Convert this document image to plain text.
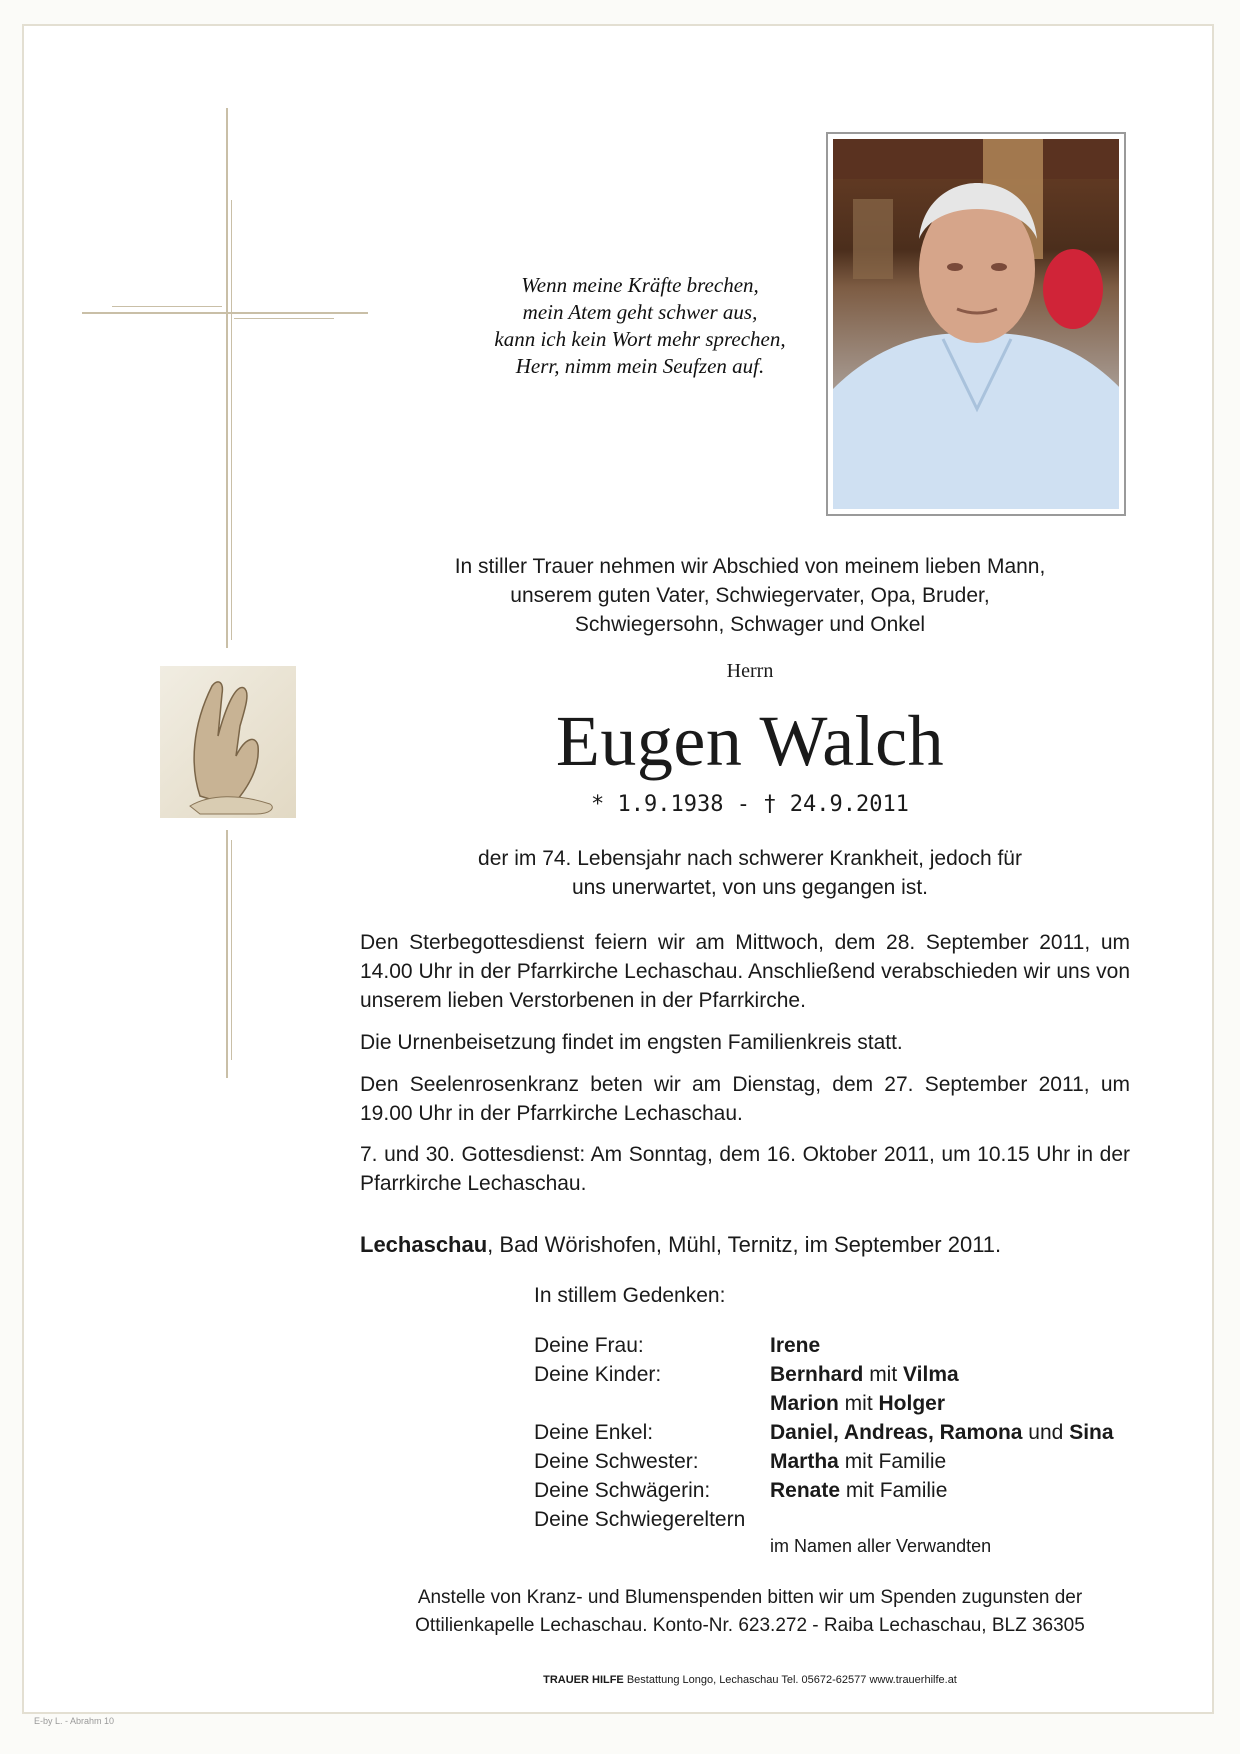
Wenn meine Kräfte brechen,
mein Atem geht schwer aus,
kann ich kein Wort mehr sprechen,
Herr, nimm mein Seufzen auf.
In stiller Trauer nehmen wir Abschied von meinem lieben Mann,
unserem guten Vater, Schwiegervater, Opa, Bruder,
Schwiegersohn, Schwager und Onkel
Herrn
Eugen Walch
* 1.9.1938 - † 24.9.2011
der im 74. Lebensjahr nach schwerer Krankheit, jedoch für
uns unerwartet, von uns gegangen ist.
Den Sterbegottesdienst feiern wir am Mittwoch, dem 28. September 2011, um 14.00 Uhr in der Pfarrkirche Lechaschau. Anschließend verabschieden wir uns von unserem lieben Verstorbenen in der Pfarrkirche.
Die Urnenbeisetzung findet im engsten Familienkreis statt.
Den Seelenrosenkranz beten wir am Dienstag, dem 27. September 2011, um 19.00 Uhr in der Pfarrkirche Lechaschau.
7. und 30. Gottesdienst: Am Sonntag, dem 16. Oktober 2011, um 10.15 Uhr in der Pfarrkirche Lechaschau.
Lechaschau, Bad Wörishofen, Mühl, Ternitz, im September 2011.
In stillem Gedenken:
Deine Frau:	Irene
Deine Kinder:	Bernhard mit Vilma
Marion mit Holger
Deine Enkel:	Daniel, Andreas, Ramona und Sina
Deine Schwester:	Martha mit Familie
Deine Schwägerin:	Renate mit Familie
Deine Schwiegereltern
im Namen aller Verwandten
Anstelle von Kranz- und Blumenspenden bitten wir um Spenden zugunsten der
Ottilienkapelle Lechaschau. Konto-Nr. 623.272 - Raiba Lechaschau, BLZ 36305
TRAUER HILFE Bestattung Longo, Lechaschau Tel. 05672-62577 www.trauerhilfe.at
E-by L. - Abrahm 10
